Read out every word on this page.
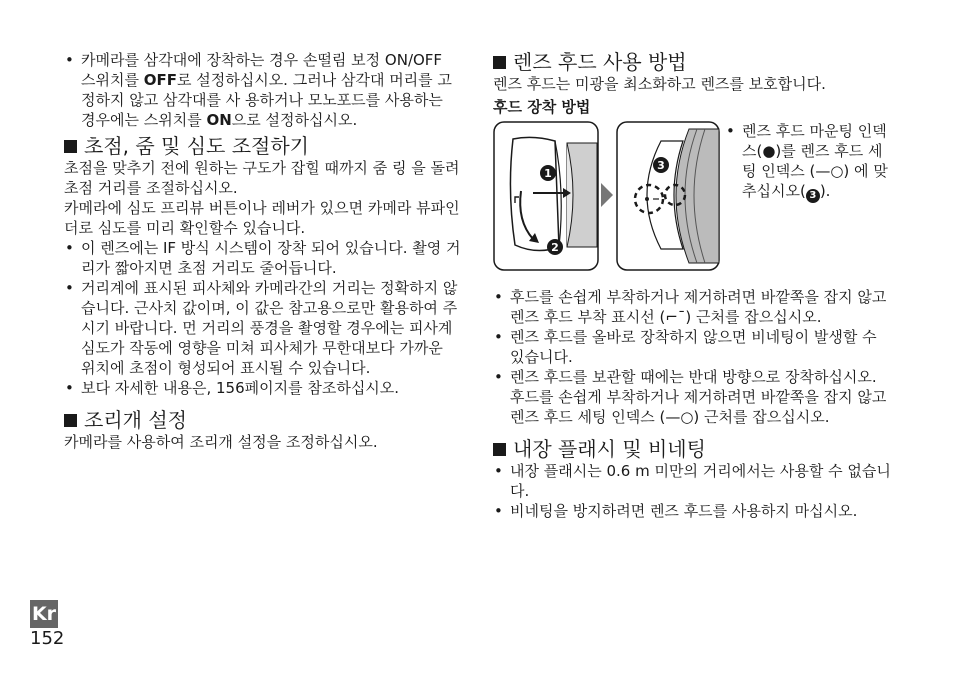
• 카메라를 삼각대에 장착하는 경우 손떨림 보정 ON/OFF 스위치를 OFF로 설정하십시오. 그러나 삼각대 머리를 고정하지 않고 삼각대를 사 용하거나 모노포드를 사용하는 경우에는 스위치를 ON으로 설정하십시오.
초점, 줌 및 심도 조절하기

초점을 맞추기 전에 원하는 구도가 잡힐 때까지 줌 링 을 돌려 초점 거리를 조절하십시오.

카메라에 심도 프리뷰 버튼이나 레버가 있으면 카메라 뷰파인더로 심도를 미리 확인할수 있습니다.

• 이 렌즈에는 IF 방식 시스템이 장착 되어 있습니다. 촬영 거리가 짧아지면 초점 거리도 줄어듭니다.
• 거리계에 표시된 피사체와 카메라간의 거리는 정확하지 않습니다. 근사치 값이며, 이 값은 참고용으로만 활용하여 주시기 바랍니다. 먼 거리의 풍경을 촬영할 경우에는 피사계 심도가 작동에 영향을 미쳐 피사체가 무한대보다 가까운 위치에 초점이 형성되어 표시될 수 있습니다.
• 보다 자세한 내용은, 156페이지를 참조하십시오.
조리개 설정

카메라를 사용하여 조리개 설정을 조정하십시오.

렌즈 후드 사용 방법

렌즈 후드는 미광을 최소화하고 렌즈를 보호합니다.

후드 장착 방법

1
2
3
• 렌즈 후드 마운팅 인덱스(●)를 렌즈 후드 세팅 인덱스 (—○) 에 맞추십시오( 3 ).
• 후드를 손쉽게 부착하거나 제거하려면 바깥쪽을 잡지 않고 렌즈 후드 부착 표시선 (⌐¯) 근처를 잡으십시오.
• 렌즈 후드를 올바로 장착하지 않으면 비네팅이 발생할 수 있습니다.
• 렌즈 후드를 보관할 때에는 반대 방향으로 장착하십시오. 후드를 손쉽게 부착하거나 제거하려면 바깥쪽을 잡지 않고 렌즈 후드 세팅 인덱스 (—○) 근처를 잡으십시오.
내장 플래시 및 비네팅
• 내장 플래시는 0.6 m 미만의 거리에서는 사용할 수 없습니다.
• 비네팅을 방지하려면 렌즈 후드를 사용하지 마십시오.
Kr
152
